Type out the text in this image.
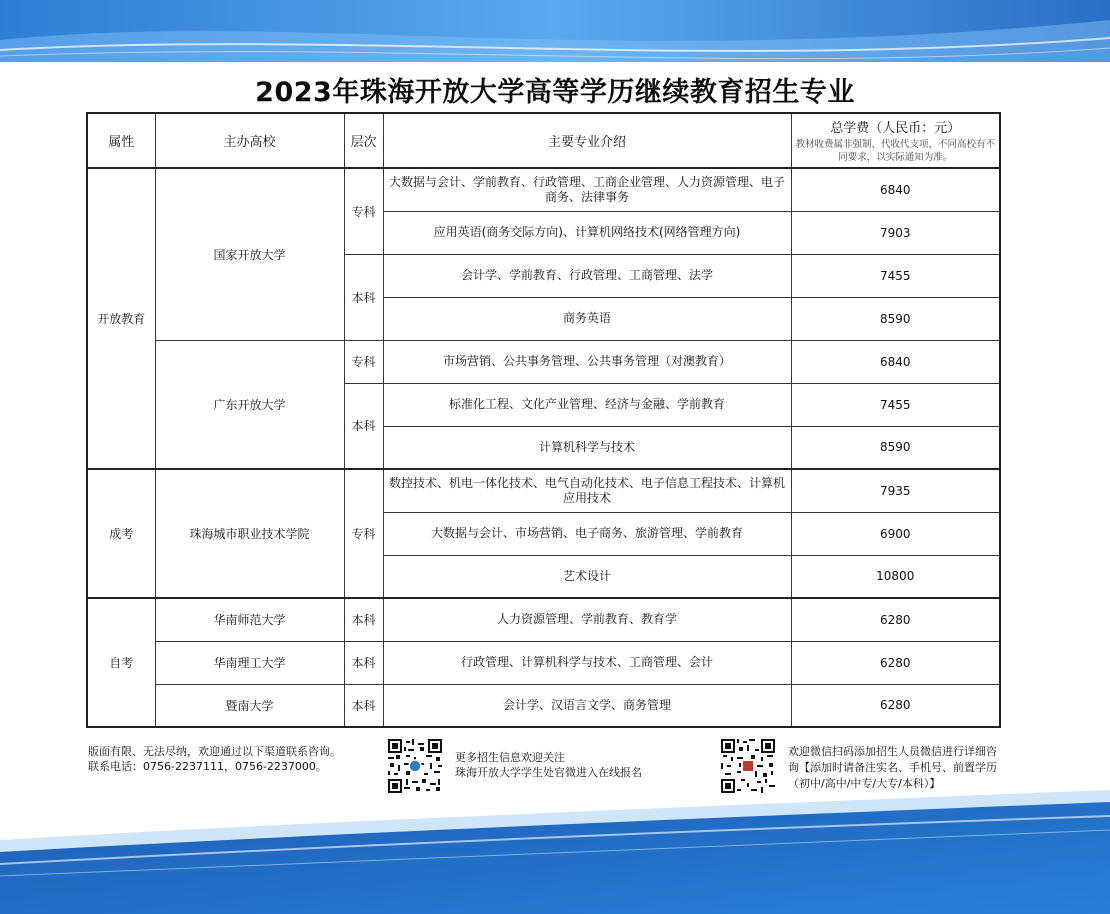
2023年珠海开放大学高等学历继续教育招生专业
属性	主办高校	层次	主要专业介绍	总学费（人民币：元）
教材收费属非强制、代收代支项，不同高校有不同要求，以实际通知为准。

开放教育	国家开放大学	专科	大数据与会计、学前教育、行政管理、工商企业管理、人力资源管理、电子商务、法律事务	6840
			应用英语(商务交际方向)、计算机网络技术(网络管理方向)	7903
		本科	会计学、学前教育、行政管理、工商管理、法学	7455
			商务英语	8590
	广东开放大学	专科	市场营销、公共事务管理、公共事务管理（对澳教育）	6840
		本科	标准化工程、文化产业管理、经济与金融、学前教育	7455
			计算机科学与技术	8590
成考	珠海城市职业技术学院	专科	数控技术、机电一体化技术、电气自动化技术、电子信息工程技术、计算机应用技术	7935
			大数据与会计、市场营销、电子商务、旅游管理、学前教育	6900
			艺术设计	10800
自考	华南师范大学	本科	人力资源管理、学前教育、教育学	6280
	华南理工大学	本科	行政管理、计算机科学与技术、工商管理、会计	6280
	暨南大学	本科	会计学、汉语言文学、商务管理	6280
版面有限、无法尽纳，欢迎通过以下渠道联系咨询。
联系电话：0756-2237111，0756-2237000。
更多招生信息欢迎关注
珠海开放大学学生处官微进入在线报名
欢迎微信扫码添加招生人员微信进行详细咨询【添加时请备注实名、手机号、前置学历（初中/高中/中专/大专/本科）】
